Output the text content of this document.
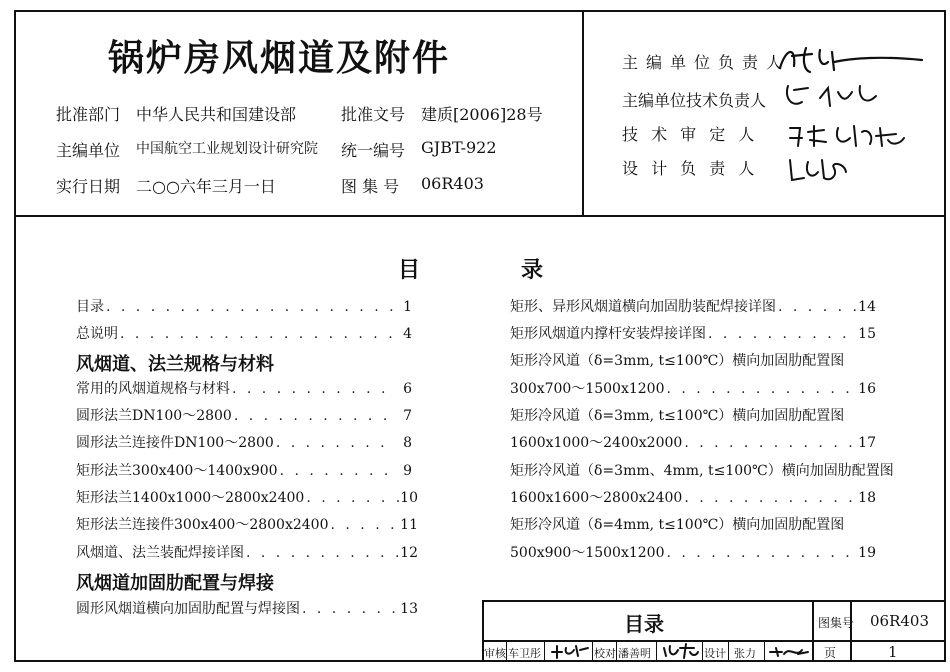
锅炉房风烟道及附件
批准部门 中华人民共和国建设部	批准文号 建质[2006]28号
主编单位 中国航空工业规划设计研究院 统一编号 GJBT-922
实行日期 二○○六年三月一日	图 集 号 06R403
主编单位负责人
主编单位技术负责人
技 术 审 定 人
设 计 负 责 人
目	录
目录 . . .	1
总说明 . . .	4
风烟道、法兰规格与材料
常用的风烟道规格与材料 . . .	6
圆形法兰DN100～2800 . . .	7
圆形法兰连接件DN100～2800 . . .	8
矩形法兰300x400～1400x900 . . .	9
矩形法兰1400x1000～2800x2400 . . .	10
矩形法兰连接件300x400～2800x2400 . . .	11
风烟道、法兰装配焊接详图 . . .	12
风烟道加固肋配置与焊接
圆形风烟道横向加固肋配置与焊接图 . . .	13
矩形、异形风烟道横向加固肋装配焊接详图 . . .	14
矩形风烟道内撑杆安装焊接详图 . . .	15
矩形冷风道（δ=3mm, t≤100℃）横向加固肋配置图
300x700～1500x1200 . . .	16
矩形冷风道（δ=3mm, t≤100℃）横向加固肋配置图
1600x1000～2400x2000 . . .	17
矩形冷风道（δ=3mm、4mm, t≤100℃）横向加固肋配置图
1600x1600～2800x2400 . . .	18
矩形冷风道（δ=4mm, t≤100℃）横向加固肋配置图
500x900～1500x1200 . . .	19
目录	图集号 06R403
页	1
审核 车卫彤	校对 潘善明	设计 张力
